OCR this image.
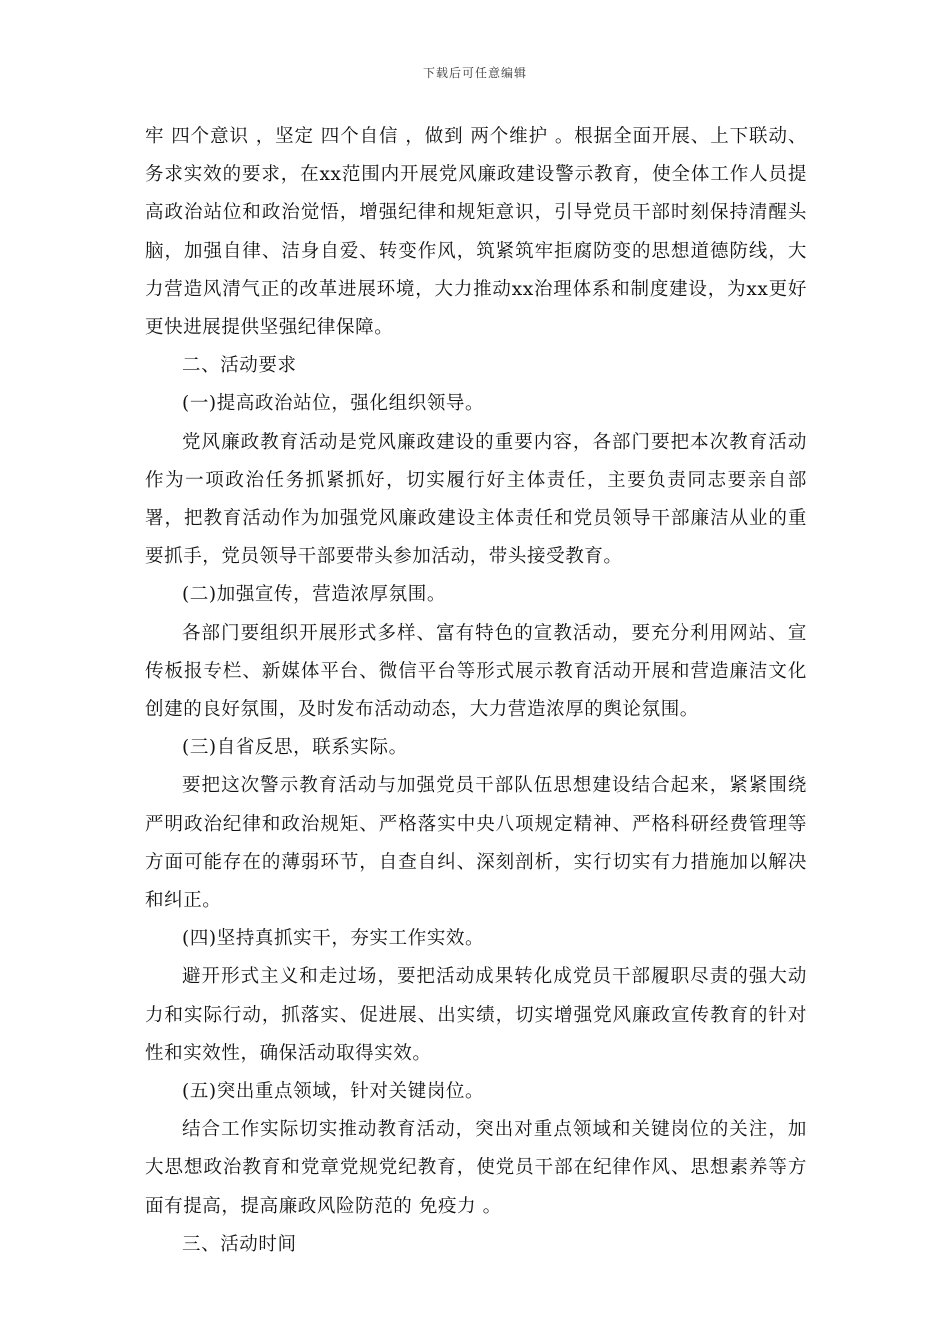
下载后可任意编辑

牢 四个意识 ，坚定 四个自信 ，做到 两个维护 。根据全面开展、上下联动、务求实效的要求，在xx范围内开展党风廉政建设警示教育，使全体工作人员提高政治站位和政治觉悟，增强纪律和规矩意识，引导党员干部时刻保持清醒头脑，加强自律、洁身自爱、转变作风，筑紧筑牢拒腐防变的思想道德防线，大力营造风清气正的改革进展环境，大力推动xx治理体系和制度建设，为xx更好更快进展提供坚强纪律保障。

二、活动要求

(一)提高政治站位，强化组织领导。

党风廉政教育活动是党风廉政建设的重要内容，各部门要把本次教育活动作为一项政治任务抓紧抓好，切实履行好主体责任，主要负责同志要亲自部署，把教育活动作为加强党风廉政建设主体责任和党员领导干部廉洁从业的重要抓手，党员领导干部要带头参加活动，带头接受教育。

(二)加强宣传，营造浓厚氛围。

各部门要组织开展形式多样、富有特色的宣教活动，要充分利用网站、宣传板报专栏、新媒体平台、微信平台等形式展示教育活动开展和营造廉洁文化创建的良好氛围，及时发布活动动态，大力营造浓厚的舆论氛围。

(三)自省反思，联系实际。

要把这次警示教育活动与加强党员干部队伍思想建设结合起来，紧紧围绕严明政治纪律和政治规矩、严格落实中央八项规定精神、严格科研经费管理等方面可能存在的薄弱环节，自查自纠、深刻剖析，实行切实有力措施加以解决和纠正。

(四)坚持真抓实干，夯实工作实效。

避开形式主义和走过场，要把活动成果转化成党员干部履职尽责的强大动力和实际行动，抓落实、促进展、出实绩，切实增强党风廉政宣传教育的针对性和实效性，确保活动取得实效。

(五)突出重点领域，针对关键岗位。

结合工作实际切实推动教育活动，突出对重点领域和关键岗位的关注，加大思想政治教育和党章党规党纪教育，使党员干部在纪律作风、思想素养等方面有提高，提高廉政风险防范的 免疫力 。

三、活动时间
